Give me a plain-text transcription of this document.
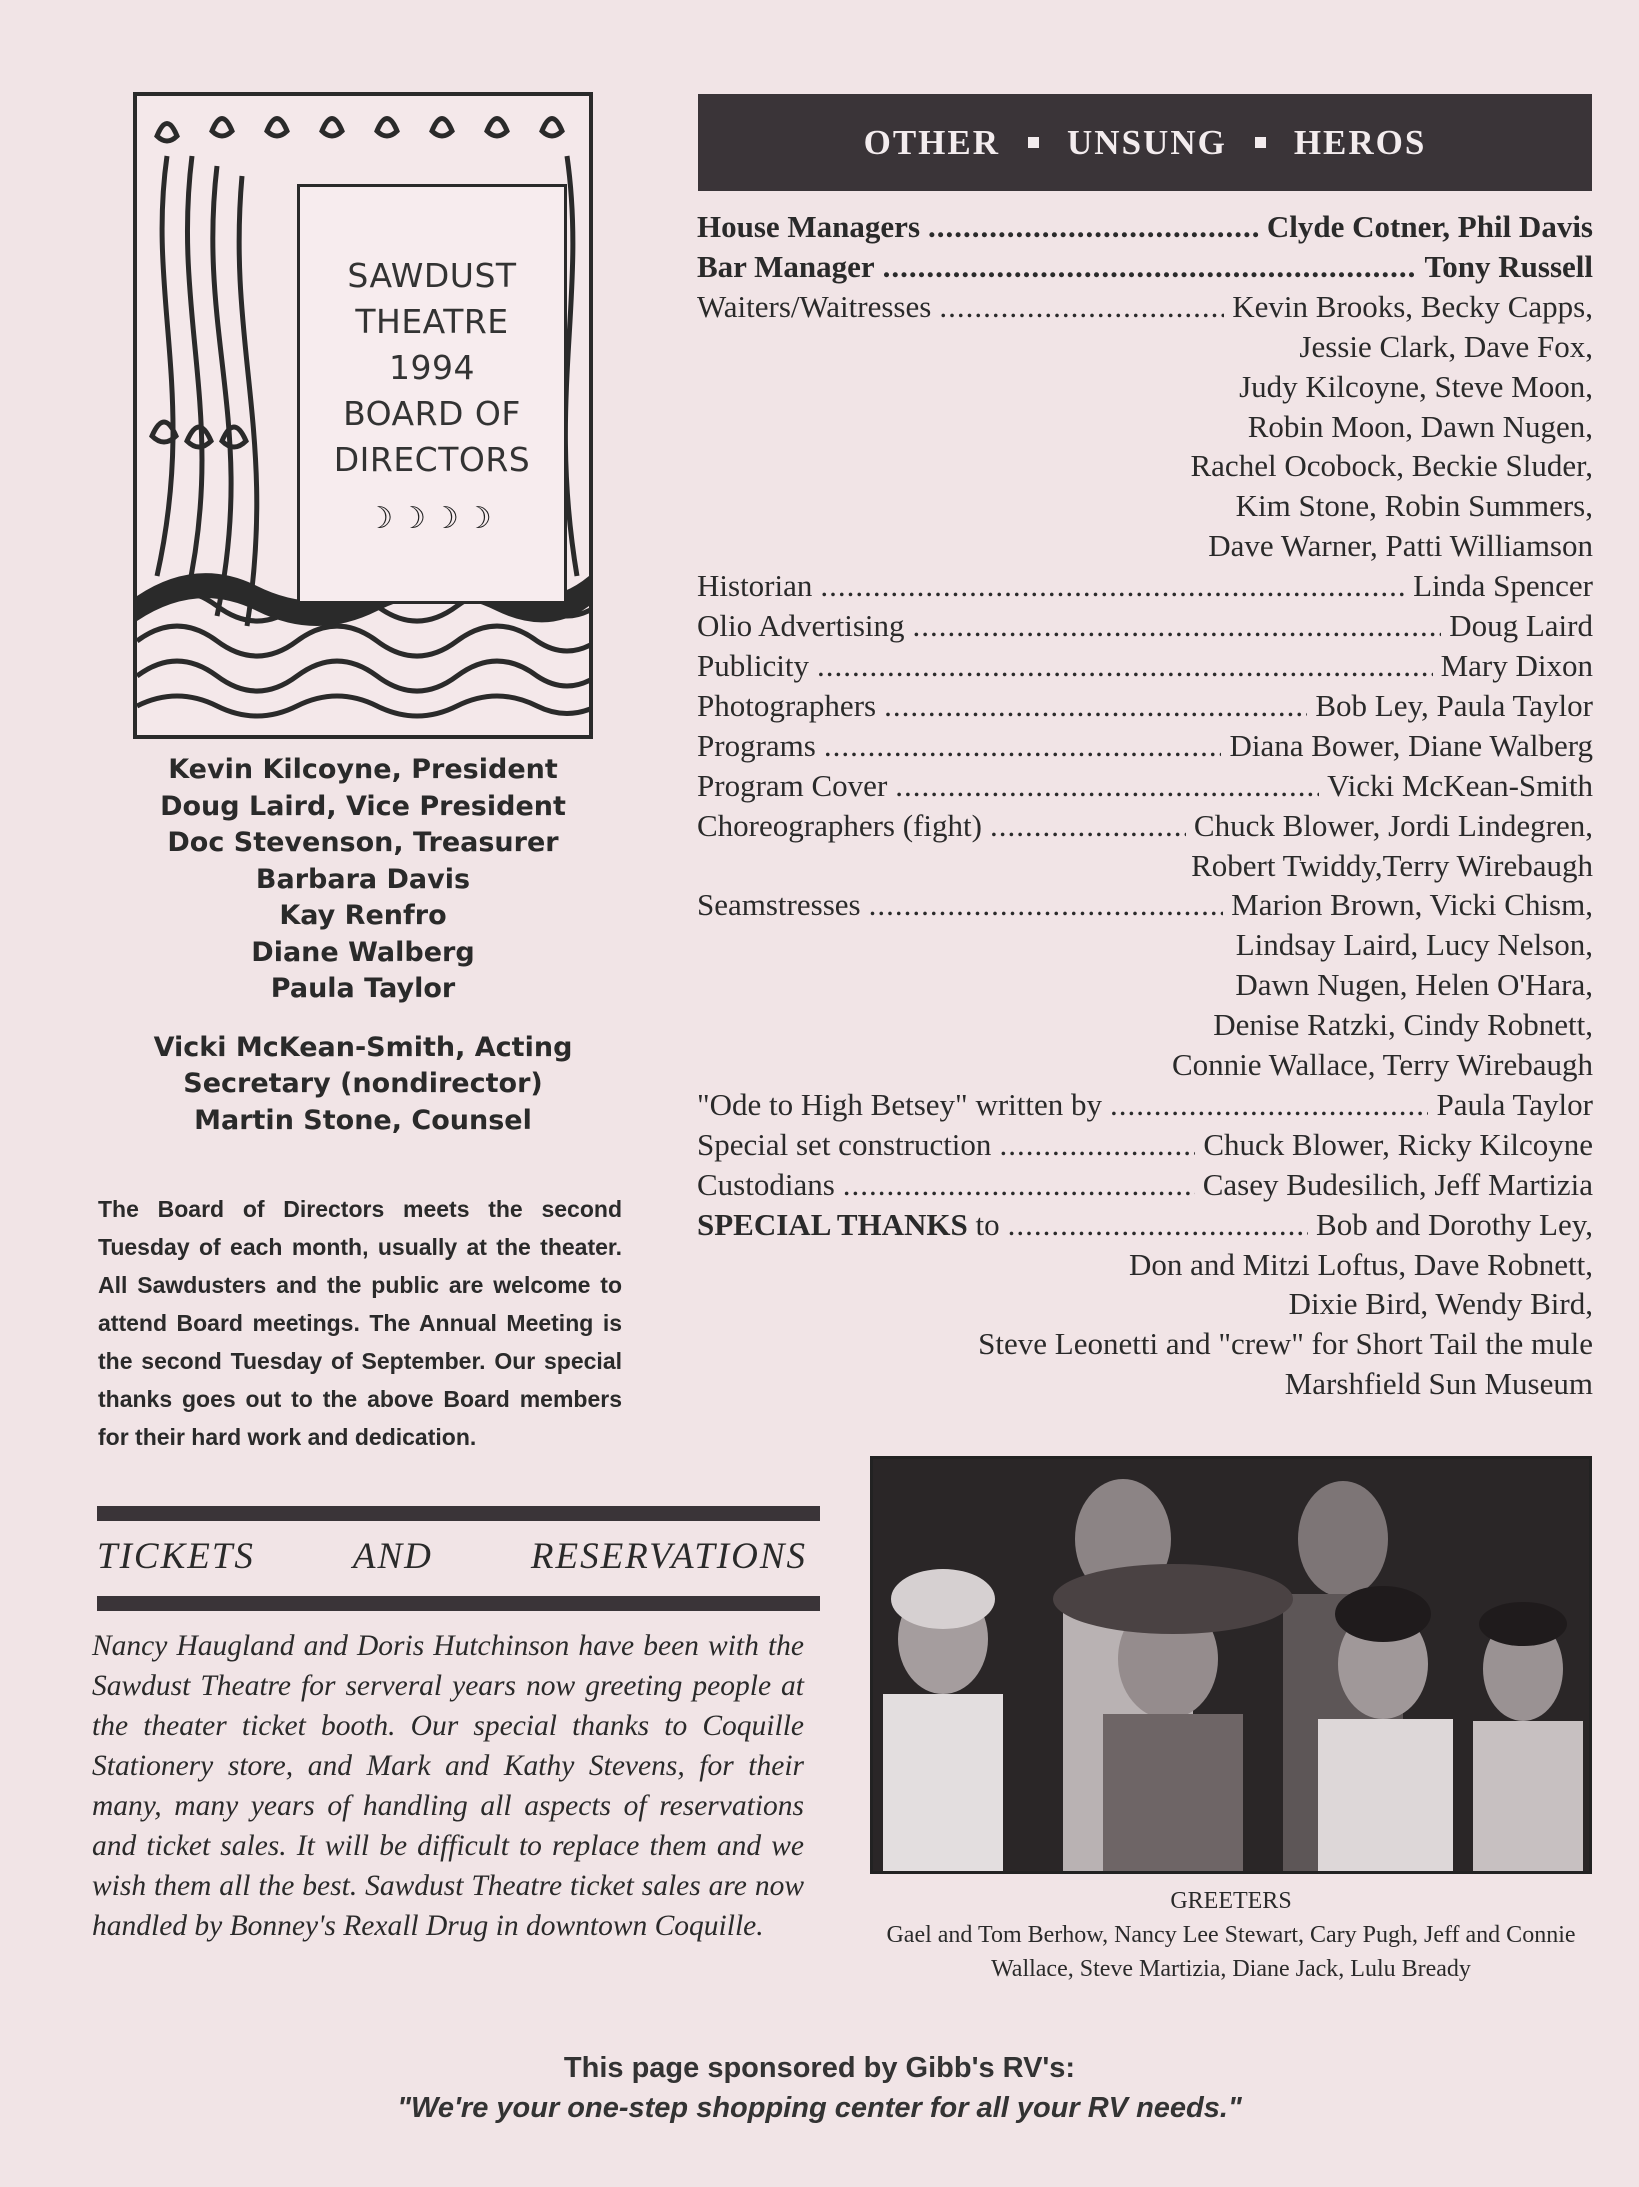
SAWDUST
THEATRE
1994
BOARD OF
DIRECTORS
☽☽☽☽
Kevin Kilcoyne, President
Doug Laird, Vice President
Doc Stevenson, Treasurer
Barbara Davis
Kay Renfro
Diane Walberg
Paula Taylor
Vicki McKean-Smith, Acting
Secretary (nondirector)
Martin Stone, Counsel
The Board of Directors meets the second Tuesday of each month, usually at the theater. All Sawdusters and the public are welcome to attend Board meetings. The Annual Meeting is the second Tuesday of September. Our special thanks goes out to the above Board members for their hard work and dedication.
OTHER UNSUNG HEROS
House Managers .....	Clyde Cotner, Phil Davis
Bar Manager .....	Tony Russell
Waiters/Waitresses .....	Kevin Brooks, Becky Capps,
Jessie Clark, Dave Fox,
Judy Kilcoyne, Steve Moon,
Robin Moon, Dawn Nugen,
Rachel Ocobock, Beckie Sluder,
Kim Stone, Robin Summers,
Dave Warner, Patti Williamson
Historian .....	Linda Spencer
Olio Advertising .....	Doug Laird
Publicity .....	Mary Dixon
Photographers .....	Bob Ley, Paula Taylor
Programs .....	Diana Bower, Diane Walberg
Program Cover .....	Vicki McKean-Smith
Choreographers (fight) .....	Chuck Blower, Jordi Lindegren,
Robert Twiddy,Terry Wirebaugh
Seamstresses .....	Marion Brown, Vicki Chism,
Lindsay Laird, Lucy Nelson,
Dawn Nugen, Helen O'Hara,
Denise Ratzki, Cindy Robnett,
Connie Wallace, Terry Wirebaugh
"Ode to High Betsey" written by .....	Paula Taylor
Special set construction .....	Chuck Blower, Ricky Kilcoyne
Custodians .....	Casey Budesilich, Jeff Martizia
SPECIAL THANKS to .....	Bob and Dorothy Ley,
Don and Mitzi Loftus, Dave Robnett,
Dixie Bird, Wendy Bird,
Steve Leonetti and "crew" for Short Tail the mule
Marshfield Sun Museum
TICKETS	AND	RESERVATIONS
Nancy Haugland and Doris Hutchinson have been with the Sawdust Theatre for serveral years now greeting people at the theater ticket booth. Our special thanks to Coquille Stationery store, and Mark and Kathy Stevens, for their many, many years of handling all aspects of reservations and ticket sales. It will be difficult to replace them and we wish them all the best. Sawdust Theatre ticket sales are now handled by Bonney's Rexall Drug in downtown Coquille.
GREETERS
Gael and Tom Berhow, Nancy Lee Stewart, Cary Pugh, Jeff and Connie Wallace, Steve Martizia, Diane Jack, Lulu Bready
This page sponsored by Gibb's RV's:
"We're your one-step shopping center for all your RV needs."
